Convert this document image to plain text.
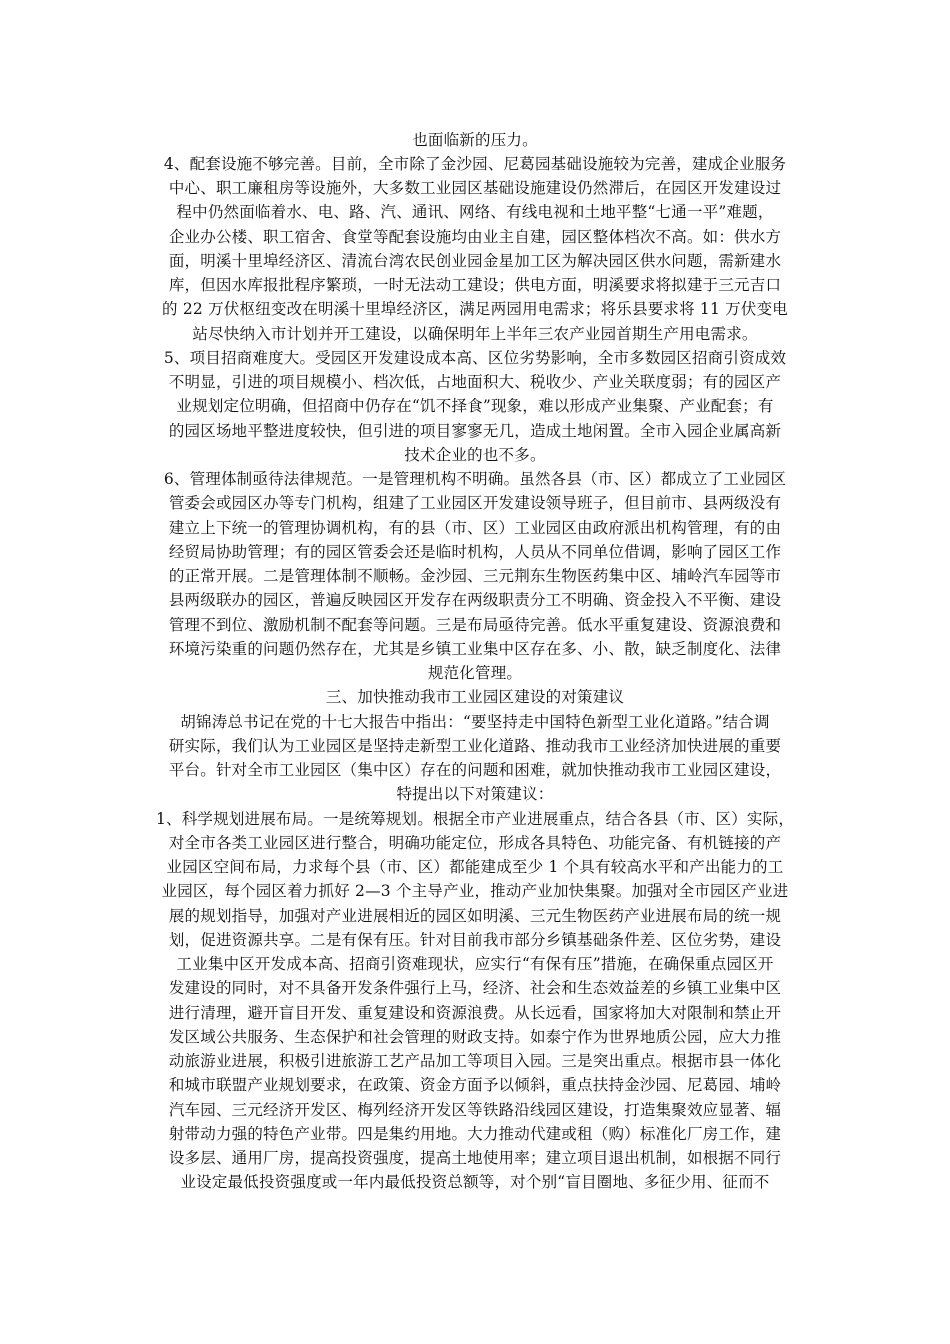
也面临新的压力。
4、配套设施不够完善。目前，全市除了金沙园、尼葛园基础设施较为完善，建成企业服务
中心、职工廉租房等设施外，大多数工业园区基础设施建设仍然滞后，在园区开发建设过
程中仍然面临着水、电、路、汽、通讯、网络、有线电视和土地平整“七通一平”难题，
企业办公楼、职工宿舍、食堂等配套设施均由业主自建，园区整体档次不高。如：供水方
面，明溪十里埠经济区、清流台湾农民创业园金星加工区为解决园区供水问题，需新建水
库，但因水库报批程序繁琐，一时无法动工建设；供电方面，明溪要求将拟建于三元吉口
的 22 万伏枢纽变改在明溪十里埠经济区，满足两园用电需求；将乐县要求将 11 万伏变电
站尽快纳入市计划并开工建设，以确保明年上半年三农产业园首期生产用电需求。
5、项目招商难度大。受园区开发建设成本高、区位劣势影响，全市多数园区招商引资成效
不明显，引进的项目规模小、档次低，占地面积大、税收少、产业关联度弱；有的园区产
业规划定位明确，但招商中仍存在“饥不择食”现象，难以形成产业集聚、产业配套；有
的园区场地平整进度较快，但引进的项目寥寥无几，造成土地闲置。全市入园企业属高新
技术企业的也不多。
6、管理体制亟待法律规范。一是管理机构不明确。虽然各县（市、区）都成立了工业园区
管委会或园区办等专门机构，组建了工业园区开发建设领导班子，但目前市、县两级没有
建立上下统一的管理协调机构，有的县（市、区）工业园区由政府派出机构管理，有的由
经贸局协助管理；有的园区管委会还是临时机构，人员从不同单位借调，影响了园区工作
的正常开展。二是管理体制不顺畅。金沙园、三元荆东生物医药集中区、埔岭汽车园等市
县两级联办的园区，普遍反映园区开发存在两级职责分工不明确、资金投入不平衡、建设
管理不到位、激励机制不配套等问题。三是布局亟待完善。低水平重复建设、资源浪费和
环境污染重的问题仍然存在，尤其是乡镇工业集中区存在多、小、散，缺乏制度化、法律
规范化管理。
三、加快推动我市工业园区建设的对策建议
胡锦涛总书记在党的十七大报告中指出：“要坚持走中国特色新型工业化道路。”结合调
研实际，我们认为工业园区是坚持走新型工业化道路、推动我市工业经济加快进展的重要
平台。针对全市工业园区（集中区）存在的问题和困难，就加快推动我市工业园区建设，
特提出以下对策建议：
1、科学规划进展布局。一是统筹规划。根据全市产业进展重点，结合各县（市、区）实际，
对全市各类工业园区进行整合，明确功能定位，形成各具特色、功能完备、有机链接的产
业园区空间布局，力求每个县（市、区）都能建成至少 1 个具有较高水平和产出能力的工
业园区，每个园区着力抓好 2—3 个主导产业，推动产业加快集聚。加强对全市园区产业进
展的规划指导，加强对产业进展相近的园区如明溪、三元生物医药产业进展布局的统一规
划，促进资源共享。二是有保有压。针对目前我市部分乡镇基础条件差、区位劣势，建设
工业集中区开发成本高、招商引资难现状，应实行“有保有压”措施，在确保重点园区开
发建设的同时，对不具备开发条件强行上马，经济、社会和生态效益差的乡镇工业集中区
进行清理，避开盲目开发、重复建设和资源浪费。从长远看，国家将加大对限制和禁止开
发区域公共服务、生态保护和社会管理的财政支持。如泰宁作为世界地质公园，应大力推
动旅游业进展，积极引进旅游工艺产品加工等项目入园。三是突出重点。根据市县一体化
和城市联盟产业规划要求，在政策、资金方面予以倾斜，重点扶持金沙园、尼葛园、埔岭
汽车园、三元经济开发区、梅列经济开发区等铁路沿线园区建设，打造集聚效应显著、辐
射带动力强的特色产业带。四是集约用地。大力推动代建或租（购）标准化厂房工作，建
设多层、通用厂房，提高投资强度，提高土地使用率；建立项目退出机制，如根据不同行
业设定最低投资强度或一年内最低投资总额等，对个别“盲目圈地、多征少用、征而不
